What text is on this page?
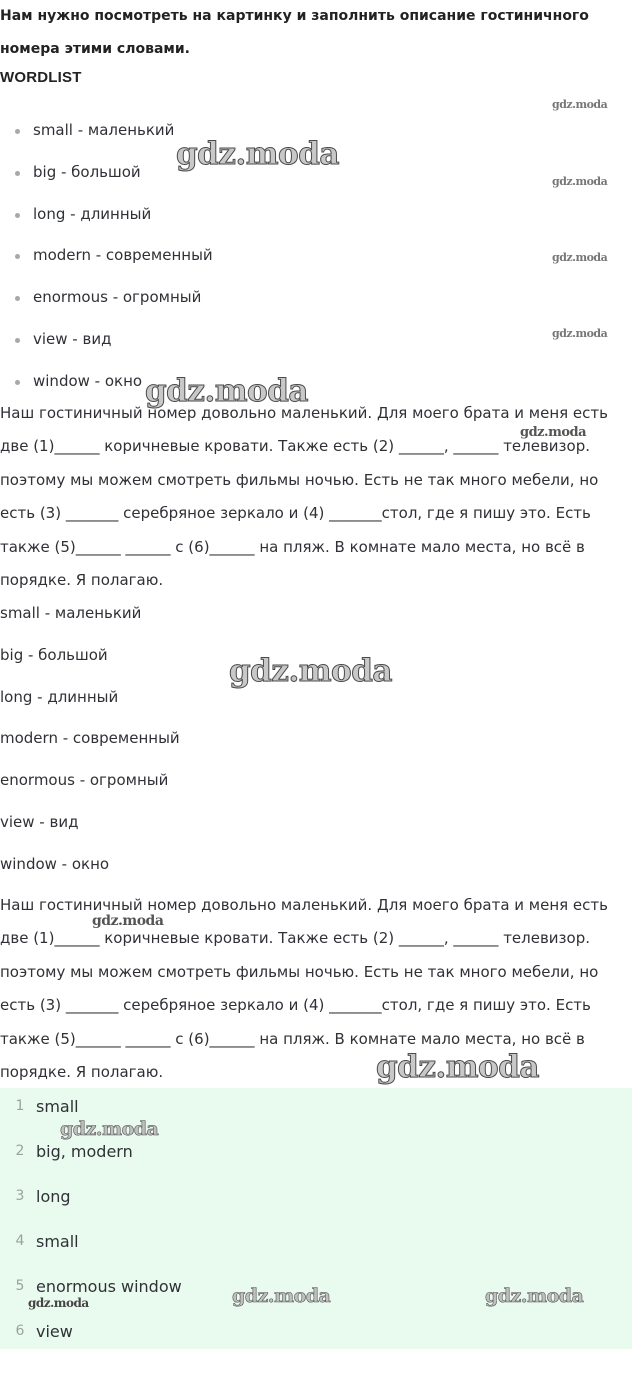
Нам нужно посмотреть на картинку и заполнить описание гостиничного номера этими словами.
WORDLIST
small - маленький
big - большой
long - длинный
modern - современный
enormous - огромный
view - вид
window - окно

Наш гостиничный номер довольно маленький. Для моего брата и меня есть две (1)______ коричневые кровати. Также есть (2) ______, ______ телевизор. поэтому мы можем смотреть фильмы ночью. Есть не так много мебели, но есть (3) _______ серебряное зеркало и (4) _______стол, где я пишу это. Есть также (5)______ ______ с (6)______ на пляж. В комнате мало места, но всё в порядке. Я полагаю.

small - маленький
big - большой
long - длинный
modern - современный
enormous - огромный
view - вид
window - окно

Наш гостиничный номер довольно маленький. Для моего брата и меня есть две (1)______ коричневые кровати. Также есть (2) ______, ______ телевизор. поэтому мы можем смотреть фильмы ночью. Есть не так много мебели, но есть (3) _______ серебряное зеркало и (4) _______стол, где я пишу это. Есть также (5)______ ______ с (6)______ на пляж. В комнате мало места, но всё в порядке. Я полагаю.

1 small
2 big, modern
3 long
4 small
5 enormous window
6 view
gdz.moda
gdz.moda
gdz.moda
gdz.moda
gdz.moda
gdz.moda
gdz.moda
gdz.moda
gdz.moda
gdz.moda
gdz.moda
gdz.moda	gdz.moda
gdz.moda
